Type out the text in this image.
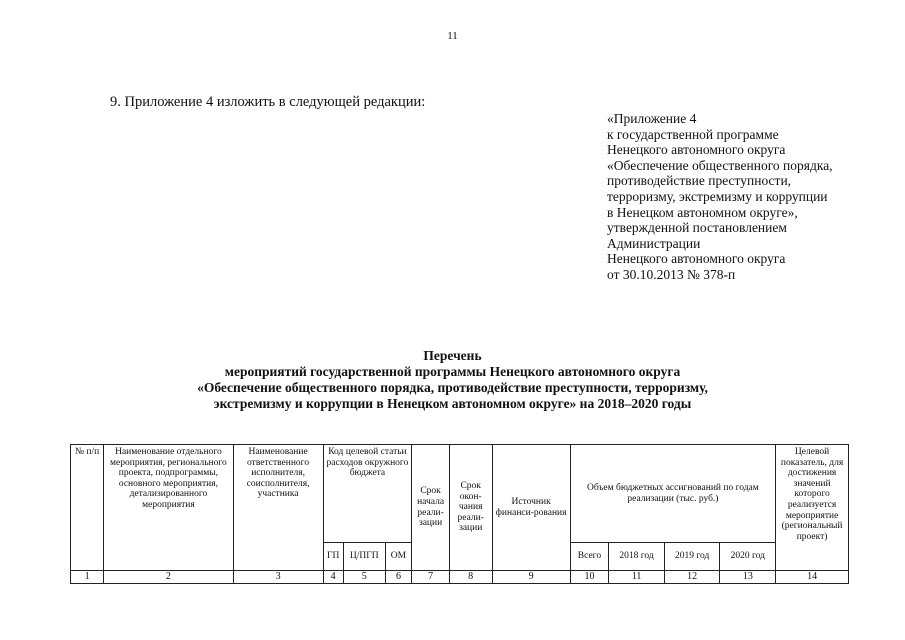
11
9. Приложение 4 изложить в следующей редакции:
«Приложение 4
к государственной программе
Ненецкого автономного округа
«Обеспечение общественного порядка,
противодействие преступности,
терроризму, экстремизму и коррупции
в Ненецком автономном округе»,
утвержденной постановлением
Администрации
Ненецкого автономного округа
от 30.10.2013 № 378-п
Перечень
мероприятий государственной программы Ненецкого автономного округа
«Обеспечение общественного порядка, противодействие преступности, терроризму,
экстремизму и коррупции в Ненецком автономном округе» на 2018–2020 годы
№ п/п	Наименование отдельного мероприятия, регионального проекта, подпрограммы, основного мероприятия, детализированного мероприятия	Наименование ответственного исполнителя, соисполнителя, участника	Код целевой статьи расходов окружного бюджета			Срок начала реали-зации	Срок окон-чания реали-зации	Источник финанси-рования	Объем бюджетных ассигнований по годам реализации (тыс. руб.)				Целевой показатель, для достижения значений которого реализуется мероприятие (региональный проект)
			ГП	Ц/ПГП	ОМ				Всего	2018 год	2019 год	2020 год	
1	2	3	4	5	6	7	8	9	10	11	12	13	14
